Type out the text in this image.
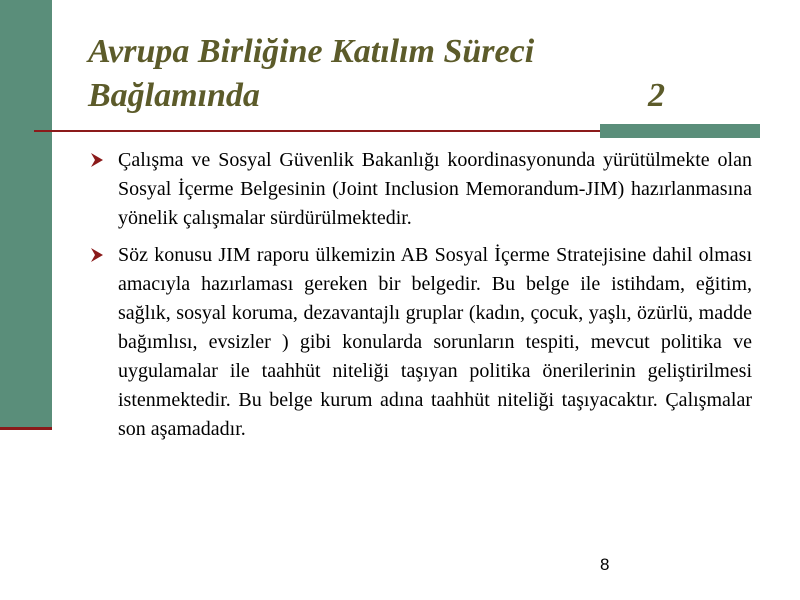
Avrupa Birliğine Katılım Süreci

Bağlamında	2
Çalışma ve Sosyal Güvenlik Bakanlığı koordinasyonunda yürütülmekte olan Sosyal İçerme Belgesinin (Joint Inclusion Memorandum-JIM) hazırlanmasına yönelik çalışmalar sürdürülmektedir.
Söz konusu JIM raporu ülkemizin AB Sosyal İçerme Stratejisine dahil olması amacıyla hazırlaması gereken bir belgedir. Bu belge ile istihdam, eğitim, sağlık, sosyal koruma, dezavantajlı gruplar (kadın, çocuk, yaşlı, özürlü, madde bağımlısı, evsizler ) gibi konularda sorunların tespiti, mevcut politika ve uygulamalar ile taahhüt niteliği taşıyan politika önerilerinin geliştirilmesi istenmektedir. Bu belge kurum adına taahhüt niteliği taşıyacaktır. Çalışmalar son aşamadadır.
8
